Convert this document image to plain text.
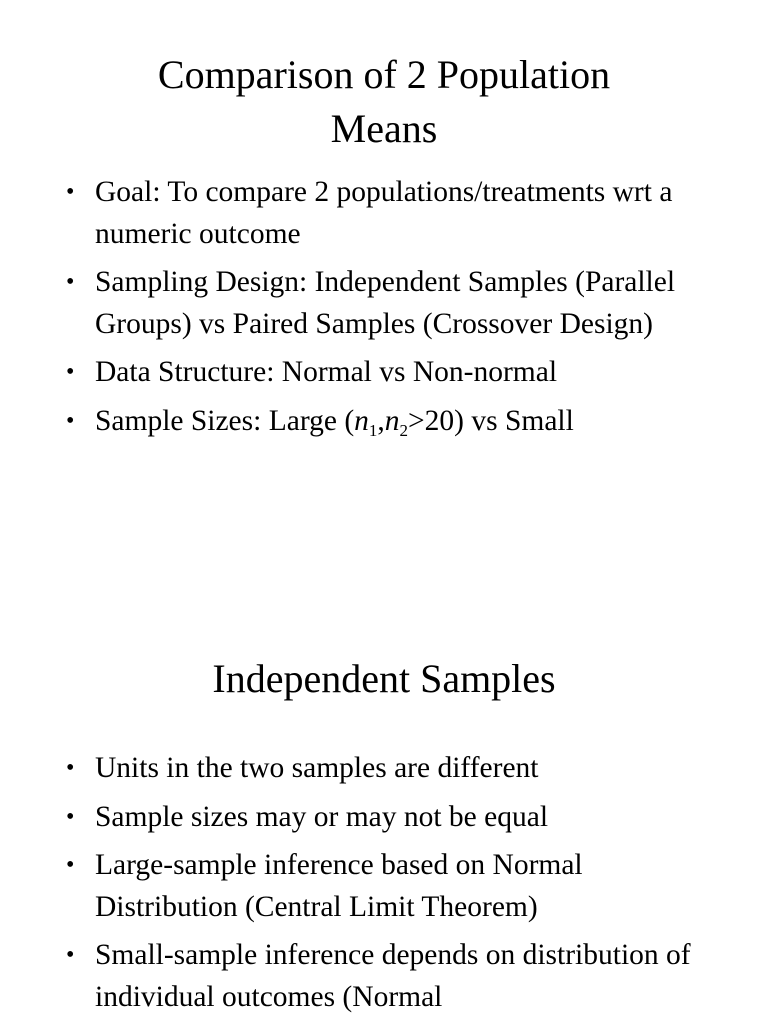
Comparison of 2 Population
Means
• Goal: To compare 2 populations/treatments wrt a numeric outcome
• Sampling Design: Independent Samples (Parallel Groups) vs Paired Samples (Crossover Design)
• Data Structure: Normal vs Non-normal
• Sample Sizes: Large $(n_1,n_2>20)$ vs Small
Independent Samples
• Units in the two samples are different
• Sample sizes may or may not be equal
• Large-sample inference based on Normal Distribution (Central Limit Theorem)
• Small-sample inference depends on distribution of individual outcomes (Normal
